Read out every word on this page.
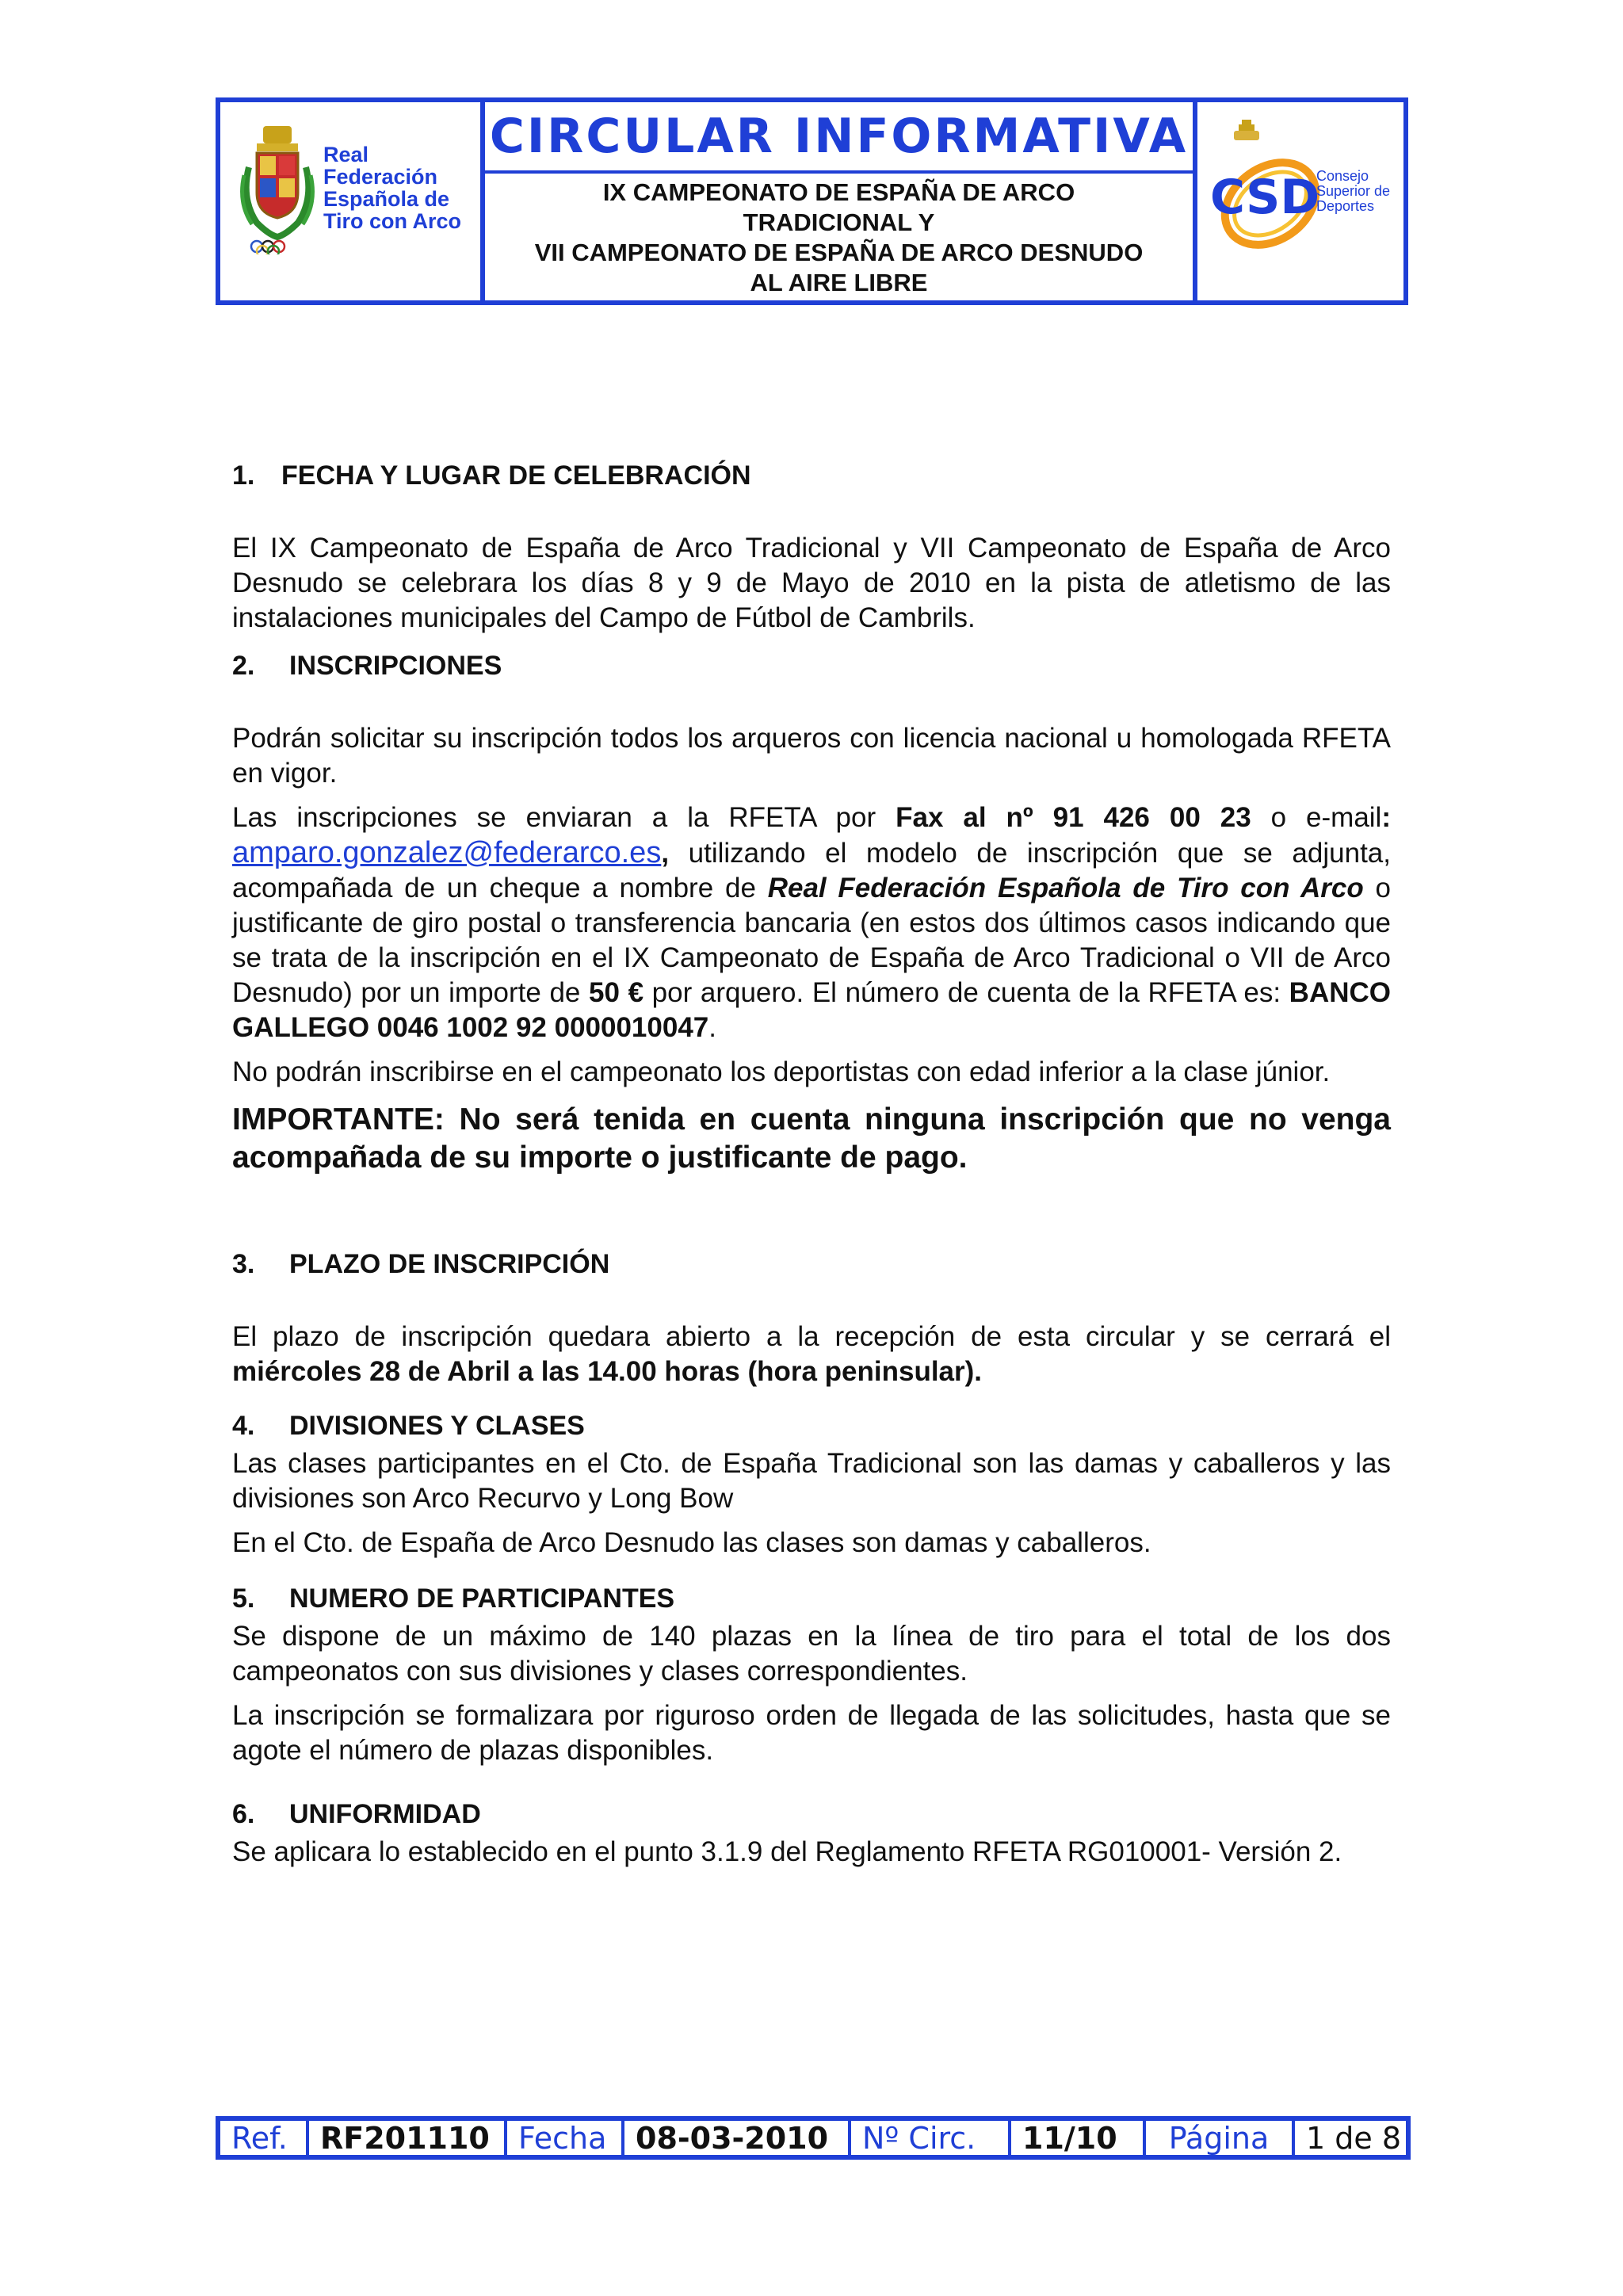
Real Federación
Española de
Tiro con Arco
CIRCULAR INFORMATIVA
IX CAMPEONATO DE ESPAÑA DE ARCO
TRADICIONAL Y
VII CAMPEONATO DE ESPAÑA DE ARCO DESNUDO
AL AIRE LIBRE
CSD
Consejo
Superior de
Deportes
1. FECHA Y LUGAR DE CELEBRACIÓN

El IX Campeonato de España de Arco Tradicional y VII Campeonato de España de Arco Desnudo se celebrara los días 8 y 9 de Mayo de 2010 en la pista de atletismo de las instalaciones municipales del Campo de Fútbol de Cambrils.

2.	INSCRIPCIONES

Podrán solicitar su inscripción todos los arqueros con licencia nacional u homologada RFETA en vigor.

Las inscripciones se enviaran a la RFETA por Fax al nº 91 426 00 23 o e-mail: amparo.gonzalez@federarco.es, utilizando el modelo de inscripción que se adjunta, acompañada de un cheque a nombre de Real Federación Española de Tiro con Arco o justificante de giro postal o transferencia bancaria (en estos dos últimos casos indicando que se trata de la inscripción en el IX Campeonato de España de Arco Tradicional o VII de Arco Desnudo) por un importe de 50 € por arquero. El número de cuenta de la RFETA es: BANCO GALLEGO 0046 1002 92 0000010047.

No podrán inscribirse en el campeonato los deportistas con edad inferior a la clase júnior.

IMPORTANTE: No será tenida en cuenta ninguna inscripción que no venga acompañada de su importe o justificante de pago.

3.	PLAZO DE INSCRIPCIÓN

El plazo de inscripción quedara abierto a la recepción de esta circular y se cerrará el miércoles 28 de Abril a las 14.00 horas (hora peninsular).

4.	DIVISIONES Y CLASES

Las clases participantes en el Cto. de España Tradicional son las damas y caballeros y las divisiones son Arco Recurvo y Long Bow

En el Cto. de España de Arco Desnudo las clases son damas y caballeros.

5.	NUMERO DE PARTICIPANTES

Se dispone de un máximo de 140 plazas en la línea de tiro para el total de los dos campeonatos con sus divisiones y clases correspondientes.

La inscripción se formalizara por riguroso orden de llegada de las solicitudes, hasta que se agote el número de plazas disponibles.

6.	UNIFORMIDAD

Se aplicara lo establecido en el punto 3.1.9 del Reglamento RFETA RG010001- Versión 2.

Ref.	RF201110 Fecha 08-03-2010	Nº Circ.	11/10	Página	1 de 8
